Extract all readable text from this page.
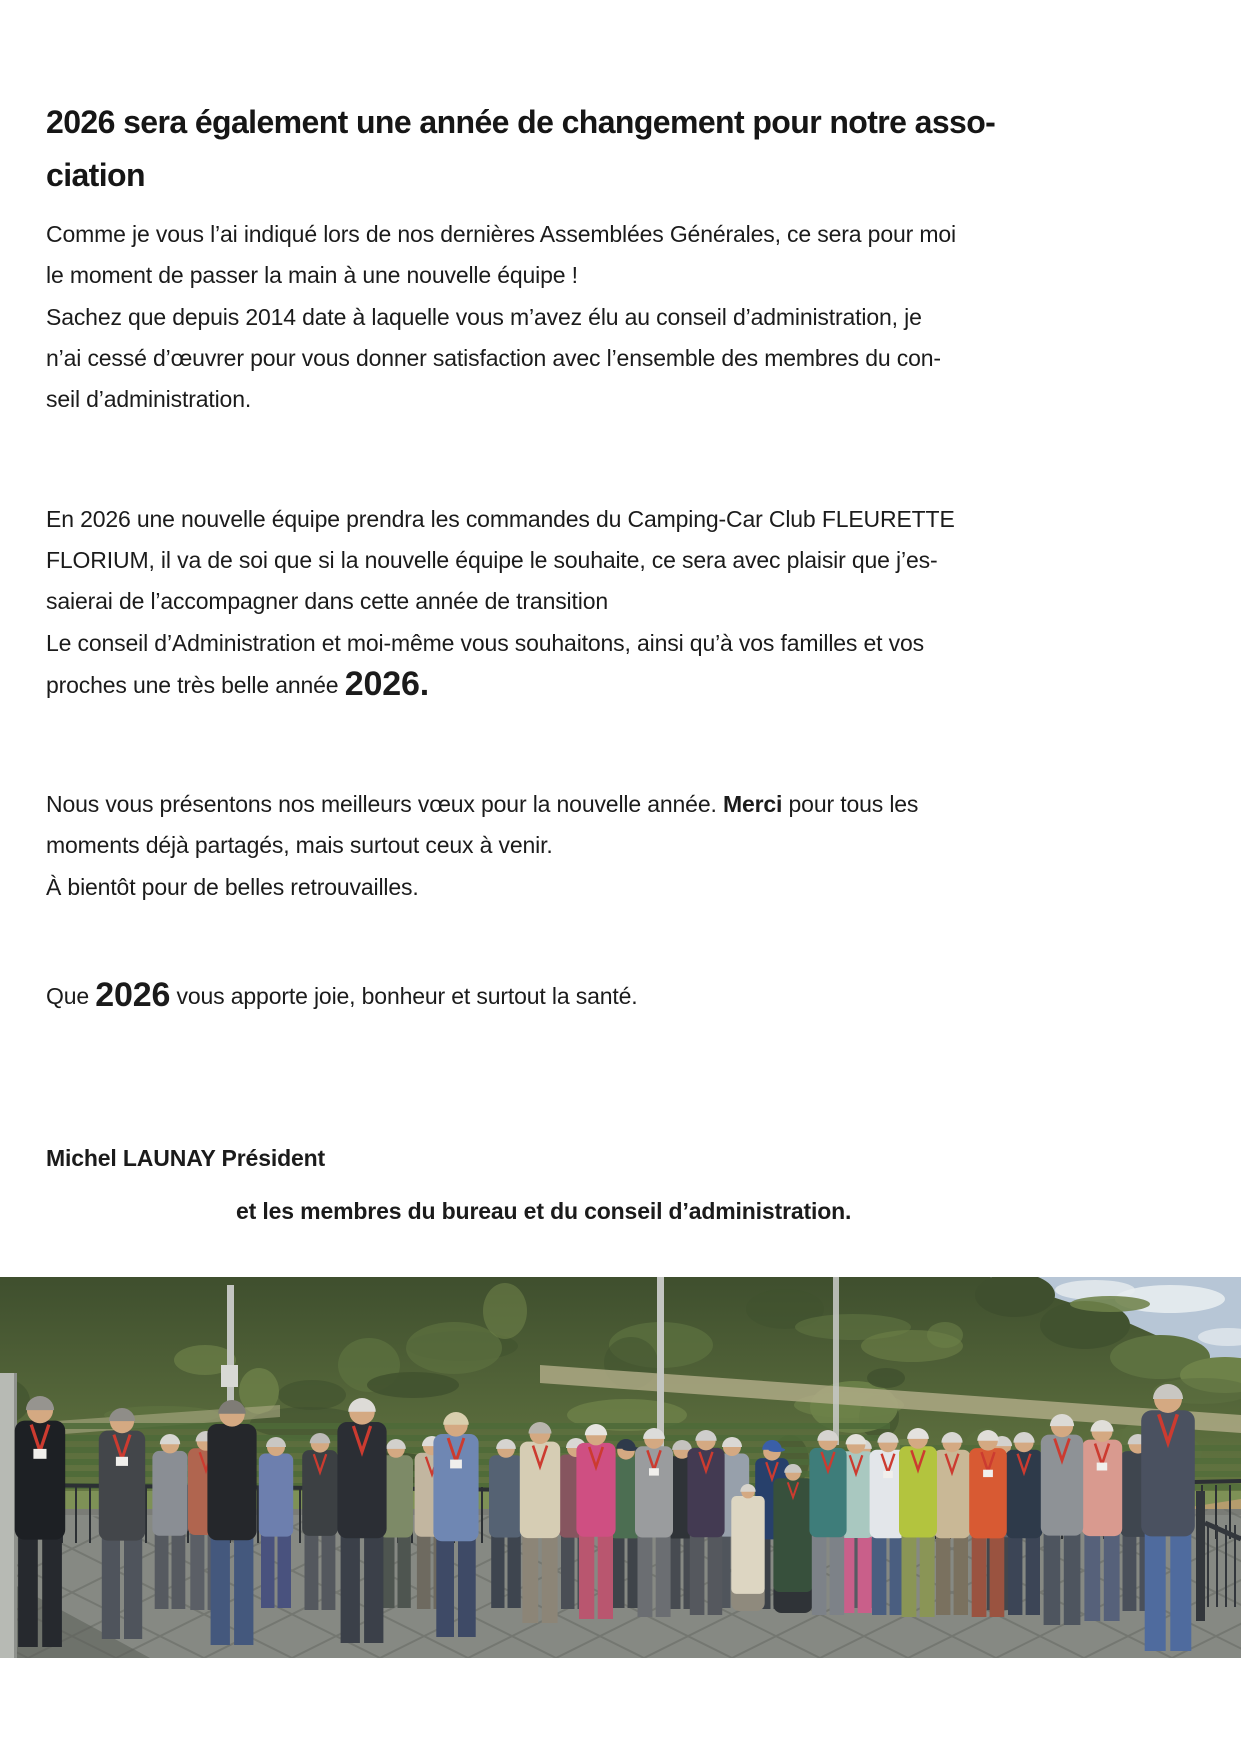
2026 sera également une année de changement pour notre asso-
ciation

Comme je vous l’ai indiqué lors de nos dernières Assemblées Générales, ce sera pour moi
le moment de passer la main à une nouvelle équipe !

Sachez que depuis 2014 date à laquelle vous m’avez élu au conseil d’administration, je
n’ai cessé d’œuvrer pour vous donner satisfaction avec l’ensemble des membres du con-
seil d’administration.

En 2026 une nouvelle équipe prendra les commandes du Camping-Car Club FLEURETTE
FLORIUM, il va de soi que si la nouvelle équipe le souhaite, ce sera avec plaisir que j’es-
saierai de l’accompagner dans cette année de transition

Le conseil d’Administration et moi-même vous souhaitons, ainsi qu’à vos familles et vos
proches une très belle année 2026.

Nous vous présentons nos meilleurs vœux pour la nouvelle année. Merci pour tous les
moments déjà partagés, mais surtout ceux à venir.

À bientôt pour de belles retrouvailles.

Que 2026 vous apporte joie, bonheur et surtout la santé.

Michel LAUNAY Président

et les membres du bureau et du conseil d’administration.
